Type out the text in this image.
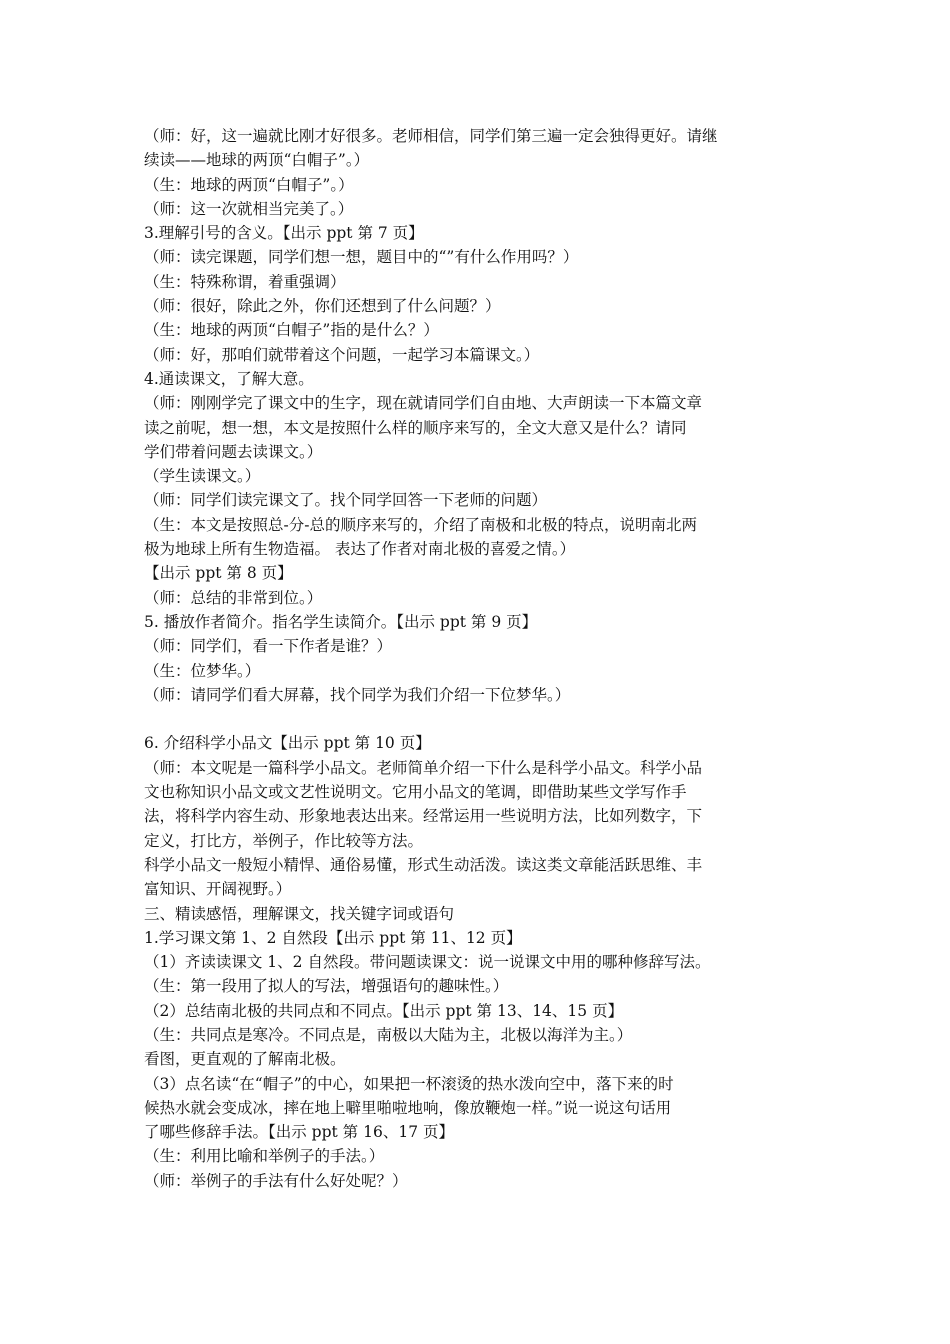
（师：好，这一遍就比刚才好很多。老师相信，同学们第三遍一定会独得更好。请继
续读——地球的两顶“白帽子”。）
（生：地球的两顶“白帽子”。）
（师：这一次就相当完美了。）
3.理解引号的含义。【出示 ppt 第 7 页】
（师：读完课题，同学们想一想，题目中的“”有什么作用吗？）
（生：特殊称谓，着重强调）
（师：很好，除此之外，你们还想到了什么问题？）
（生：地球的两顶“白帽子”指的是什么？）
（师：好，那咱们就带着这个问题，一起学习本篇课文。）
4.通读课文，了解大意。
（师：刚刚学完了课文中的生字，现在就请同学们自由地、大声朗读一下本篇文章
读之前呢，想一想，本文是按照什么样的顺序来写的，全文大意又是什么？请同
学们带着问题去读课文。）
（学生读课文。）
（师：同学们读完课文了。找个同学回答一下老师的问题）
（生：本文是按照总-分-总的顺序来写的，介绍了南极和北极的特点，说明南北两
极为地球上所有生物造福。 表达了作者对南北极的喜爱之情。）
【出示 ppt 第 8 页】
（师：总结的非常到位。）
5. 播放作者简介。指名学生读简介。【出示 ppt 第 9 页】
（师：同学们，看一下作者是谁？）
（生：位梦华。）
（师：请同学们看大屏幕，找个同学为我们介绍一下位梦华。）
6. 介绍科学小品文【出示 ppt 第 10 页】
（师：本文呢是一篇科学小品文。老师简单介绍一下什么是科学小品文。科学小品
文也称知识小品文或文艺性说明文。它用小品文的笔调，即借助某些文学写作手
法，将科学内容生动、形象地表达出来。经常运用一些说明方法，比如列数字，下
定义，打比方，举例子，作比较等方法。
科学小品文一般短小精悍、通俗易懂，形式生动活泼。读这类文章能活跃思维、丰
富知识、开阔视野。）
三、精读感悟，理解课文，找关键字词或语句
1.学习课文第 1、2 自然段【出示 ppt 第 11、12 页】
（1）齐读读课文 1、2 自然段。带问题读课文：说一说课文中用的哪种修辞写法。
（生：第一段用了拟人的写法，增强语句的趣味性。）
（2）总结南北极的共同点和不同点。【出示 ppt 第 13、14、15 页】
（生：共同点是寒冷。不同点是，南极以大陆为主，北极以海洋为主。）
看图，更直观的了解南北极。
（3）点名读“在“帽子”的中心，如果把一杯滚烫的热水泼向空中，落下来的时
候热水就会变成冰，摔在地上噼里啪啦地响，像放鞭炮一样。”说一说这句话用
了哪些修辞手法。【出示 ppt 第 16、17 页】
（生：利用比喻和举例子的手法。）
（师：举例子的手法有什么好处呢？）
